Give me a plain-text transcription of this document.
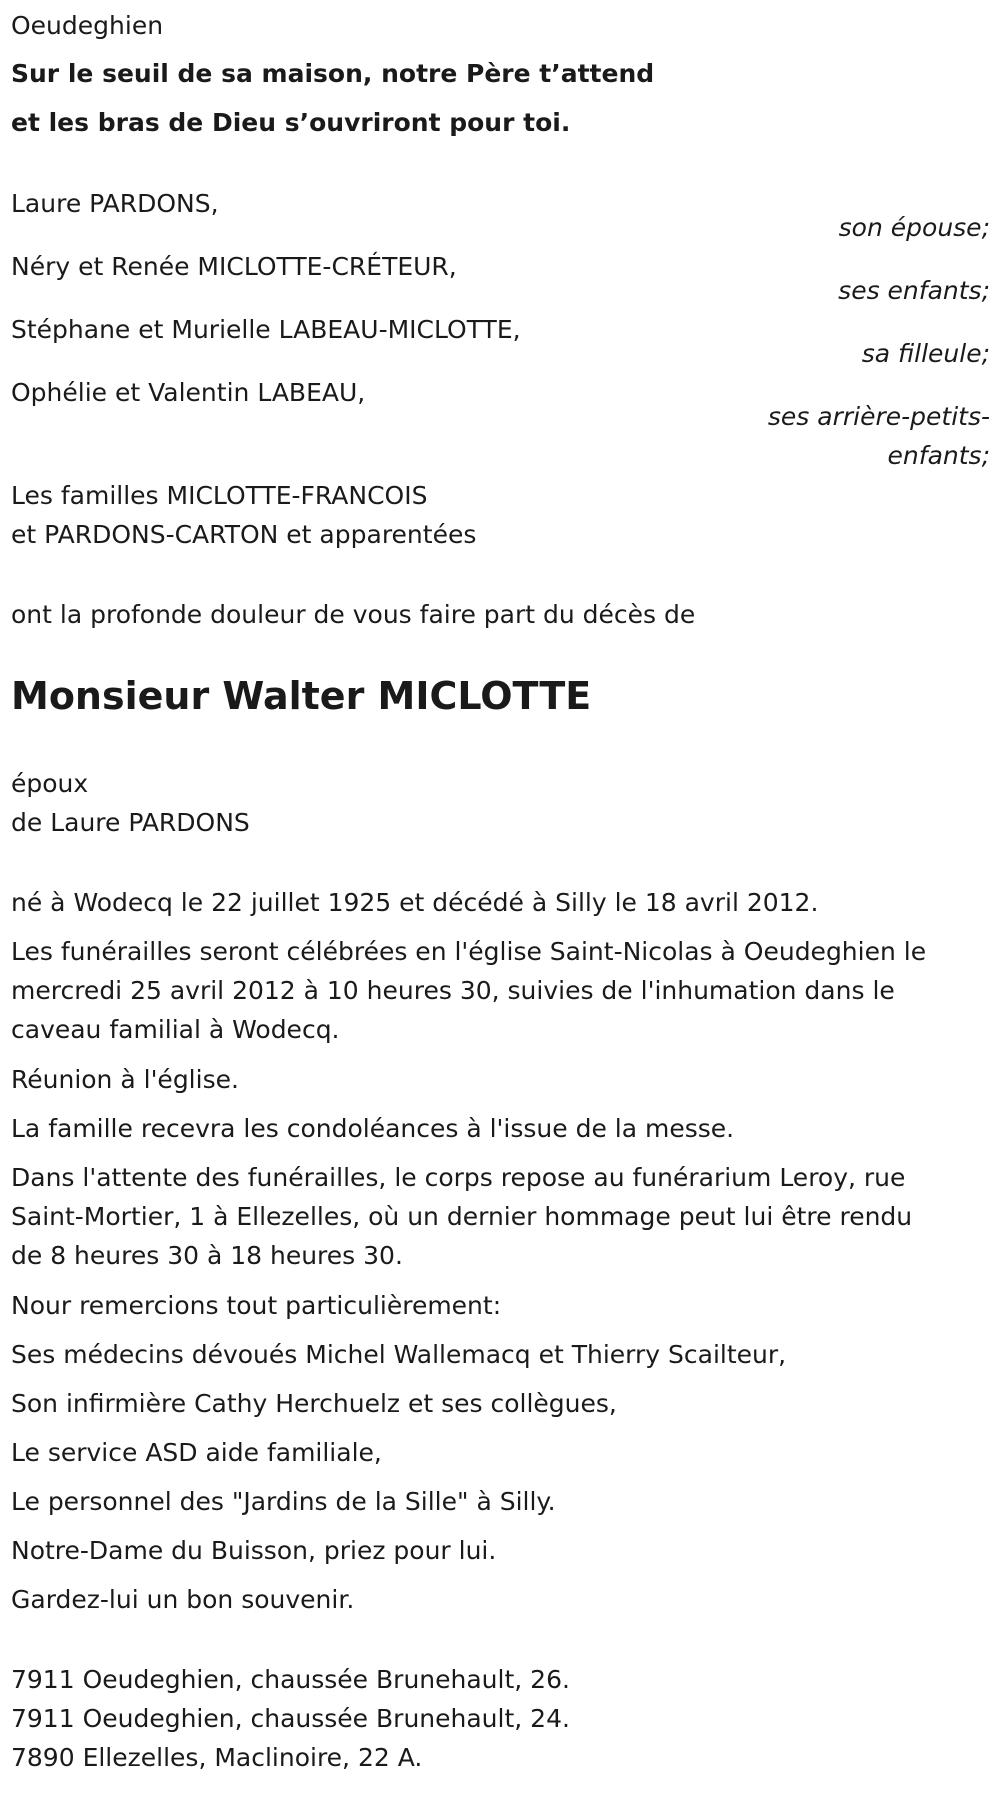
Oeudeghien
Sur le seuil de sa maison, notre Père t’attend
et les bras de Dieu s’ouvriront pour toi.
Laure PARDONS,
son épouse;
Néry et Renée MICLOTTE-CRÉTEUR,
ses enfants;
Stéphane et Murielle LABEAU-MICLOTTE,
sa filleule;
Ophélie et Valentin LABEAU,
ses arrière-petits-
enfants;
Les familles MICLOTTE-FRANCOIS
et PARDONS-CARTON et apparentées
ont la profonde douleur de vous faire part du décès de
Monsieur Walter MICLOTTE
époux
de Laure PARDONS
né à Wodecq le 22 juillet 1925 et décédé à Silly le 18 avril 2012.
Les funérailles seront célébrées en l'église Saint-Nicolas à Oeudeghien le
mercredi 25 avril 2012 à 10 heures 30, suivies de l'inhumation dans le
caveau familial à Wodecq.
Réunion à l'église.
La famille recevra les condoléances à l'issue de la messe.
Dans l'attente des funérailles, le corps repose au funérarium Leroy, rue
Saint-Mortier, 1 à Ellezelles, où un dernier hommage peut lui être rendu
de 8 heures 30 à 18 heures 30.
Nour remercions tout particulièrement:
Ses médecins dévoués Michel Wallemacq et Thierry Scailteur,
Son infirmière Cathy Herchuelz et ses collègues,
Le service ASD aide familiale,
Le personnel des "Jardins de la Sille" à Silly.
Notre-Dame du Buisson, priez pour lui.
Gardez-lui un bon souvenir.
7911 Oeudeghien, chaussée Brunehault, 26.
7911 Oeudeghien, chaussée Brunehault, 24.
7890 Ellezelles, Maclinoire, 22 A.
